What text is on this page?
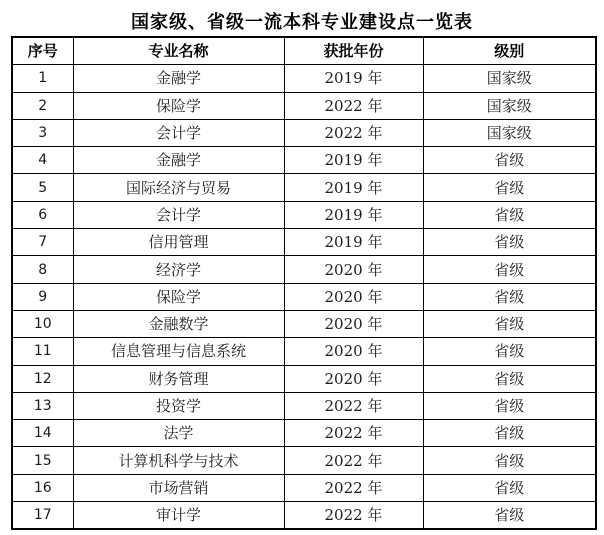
国家级、省级一流本科专业建设点一览表
序号	专业名称	获批年份	级别
1	金融学	2019 年	国家级
2	保险学	2022 年	国家级
3	会计学	2022 年	国家级
4	金融学	2019 年	省级
5	国际经济与贸易	2019 年	省级
6	会计学	2019 年	省级
7	信用管理	2019 年	省级
8	经济学	2020 年	省级
9	保险学	2020 年	省级
10	金融数学	2020 年	省级
11	信息管理与信息系统	2020 年	省级
12	财务管理	2020 年	省级
13	投资学	2022 年	省级
14	法学	2022 年	省级
15	计算机科学与技术	2022 年	省级
16	市场营销	2022 年	省级
17	审计学	2022 年	省级
